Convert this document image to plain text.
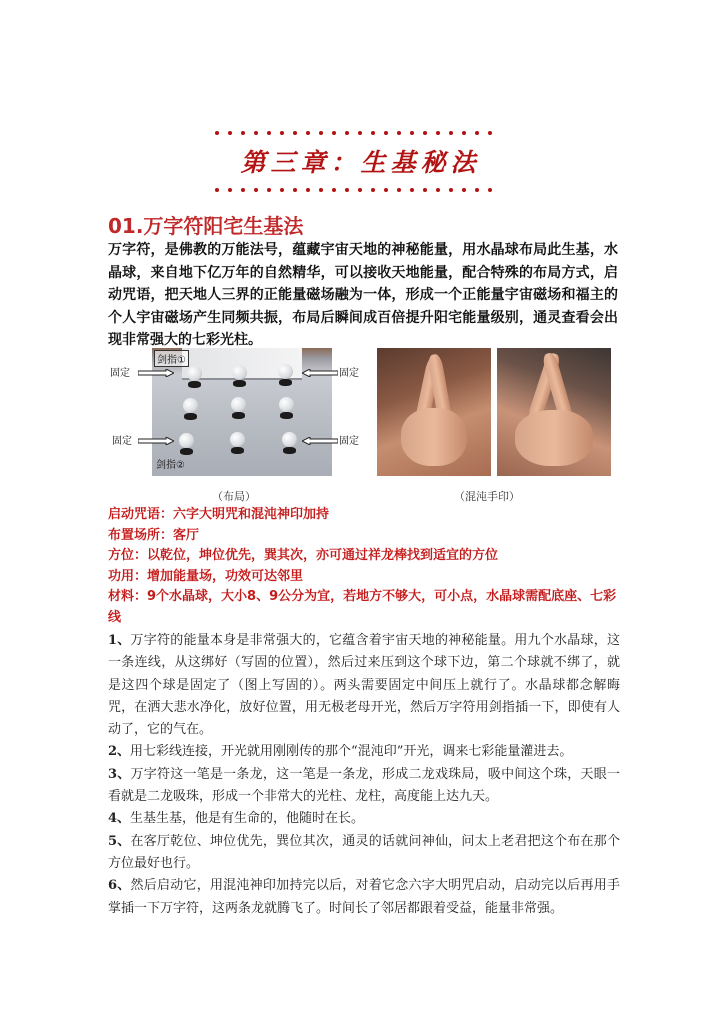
第三章：生基秘法
01.万字符阳宅生基法
万字符，是佛教的万能法号，蕴藏宇宙天地的神秘能量，用水晶球布局此生基，水晶球，来自地下亿万年的自然精华，可以接收天地能量，配合特殊的布局方式，启动咒语，把天地人三界的正能量磁场融为一体，形成一个正能量宇宙磁场和福主的个人宇宙磁场产生同频共振，布局后瞬间成百倍提升阳宅能量级别，通灵查看会出现非常强大的七彩光柱。
剑指①
剑指②
固定	固定
固定	固定
（布局）	（混沌手印）
启动咒语：六字大明咒和混沌神印加持
布置场所：客厅
方位：以乾位，坤位优先，巽其次，亦可通过祥龙棒找到适宜的方位
功用：增加能量场，功效可达邻里
材料：9个水晶球，大小8、9公分为宜，若地方不够大，可小点，水晶球需配底座、七彩线

1、万字符的能量本身是非常强大的，它蕴含着宇宙天地的神秘能量。用九个水晶球，这一条连线，从这绑好（写固的位置），然后过来压到这个球下边，第二个球就不绑了，就是这四个球是固定了（图上写固的）。两头需要固定中间压上就行了。水晶球都念解晦咒，在洒大悲水净化，放好位置，用无极老母开光，然后万字符用剑指插一下，即使有人动了，它的气在。

2、用七彩线连接，开光就用刚刚传的那个“混沌印”开光，调来七彩能量灌进去。

3、万字符这一笔是一条龙，这一笔是一条龙，形成二龙戏珠局，吸中间这个珠，天眼一看就是二龙吸珠，形成一个非常大的光柱、龙柱，高度能上达九天。

4、生基生基，他是有生命的，他随时在长。

5、在客厅乾位、坤位优先，巽位其次，通灵的话就问神仙，问太上老君把这个布在那个方位最好也行。

6、然后启动它，用混沌神印加持完以后，对着它念六字大明咒启动，启动完以后再用手掌插一下万字符，这两条龙就腾飞了。时间长了邻居都跟着受益，能量非常强。
